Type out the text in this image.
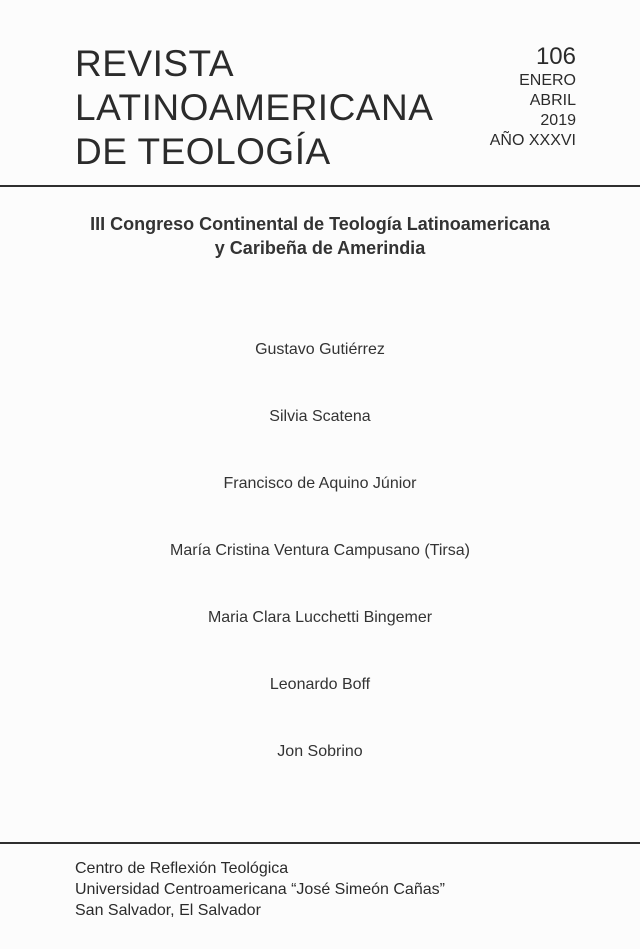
REVISTA
LATINOAMERICANA
DE TEOLOGÍA
106
ENERO
ABRIL
2019
AÑO XXXVI
III Congreso Continental de Teología Latinoamericana
y Caribeña de Amerindia
Gustavo Gutiérrez
Silvia Scatena
Francisco de Aquino Júnior
María Cristina Ventura Campusano (Tirsa)
Maria Clara Lucchetti Bingemer
Leonardo Boff
Jon Sobrino
Centro de Reflexión Teológica
Universidad Centroamericana “José Simeón Cañas”
San Salvador, El Salvador
